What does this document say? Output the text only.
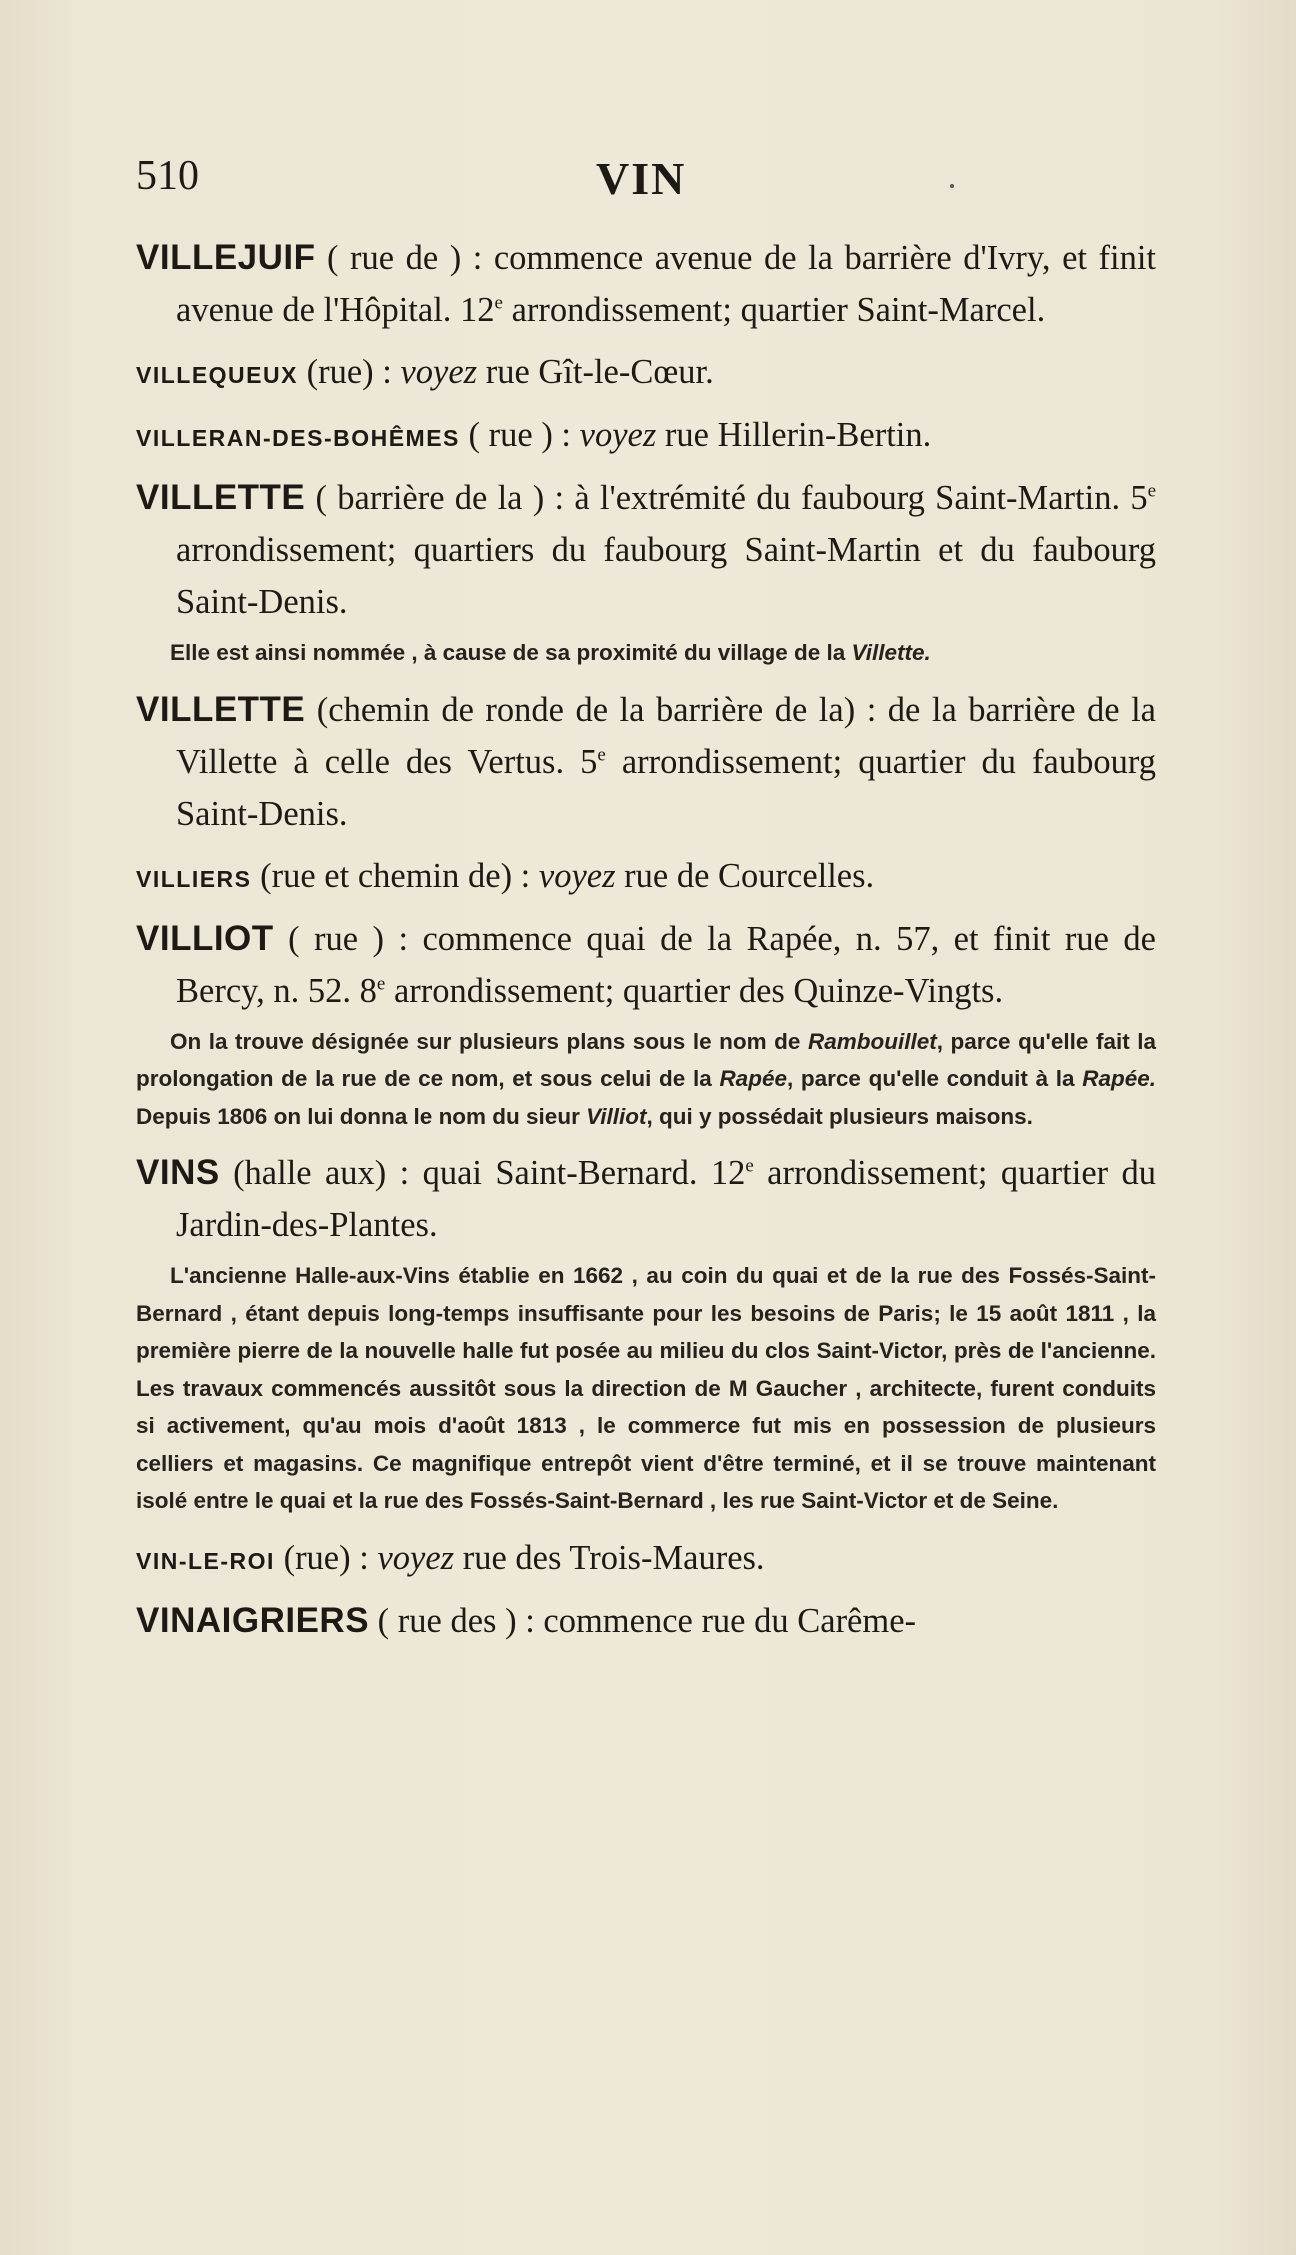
510	VIN

VILLEJUIF ( rue de ) : commence avenue de la barrière d'Ivry, et finit avenue de l'Hôpital. 12e arrondissement; quartier Saint-Marcel.

VILLEQUEUX (rue) : voyez rue Gît-le-Cœur.

VILLERAN-DES-BOHÊMES ( rue ) : voyez rue Hillerin-Bertin.

VILLETTE ( barrière de la ) : à l'extrémité du faubourg Saint-Martin. 5e arrondissement; quartiers du faubourg Saint-Martin et du faubourg Saint-Denis.

Elle est ainsi nommée , à cause de sa proximité du village de la Villette.

VILLETTE (chemin de ronde de la barrière de la) : de la barrière de la Villette à celle des Vertus. 5e arrondissement; quartier du faubourg Saint-Denis.

VILLIERS (rue et chemin de) : voyez rue de Courcelles.

VILLIOT ( rue ) : commence quai de la Rapée, n. 57, et finit rue de Bercy, n. 52. 8e arrondissement; quartier des Quinze-Vingts.

On la trouve désignée sur plusieurs plans sous le nom de Rambouillet, parce qu'elle fait la prolongation de la rue de ce nom, et sous celui de la Rapée, parce qu'elle conduit à la Rapée. Depuis 1806 on lui donna le nom du sieur Villiot, qui y possédait plusieurs maisons.

VINS (halle aux) : quai Saint-Bernard. 12e arrondissement; quartier du Jardin-des-Plantes.

L'ancienne Halle-aux-Vins établie en 1662 , au coin du quai et de la rue des Fossés-Saint-Bernard , étant depuis long-temps insuffisante pour les besoins de Paris; le 15 août 1811 , la première pierre de la nouvelle halle fut posée au milieu du clos Saint-Victor, près de l'ancienne. Les travaux commencés aussitôt sous la direction de M Gaucher , architecte, furent conduits si activement, qu'au mois d'août 1813 , le commerce fut mis en possession de plusieurs celliers et magasins. Ce magnifique entrepôt vient d'être terminé, et il se trouve maintenant isolé entre le quai et la rue des Fossés-Saint-Bernard , les rue Saint-Victor et de Seine.

VIN-LE-ROI (rue) : voyez rue des Trois-Maures.

VINAIGRIERS ( rue des ) : commence rue du Carême-
